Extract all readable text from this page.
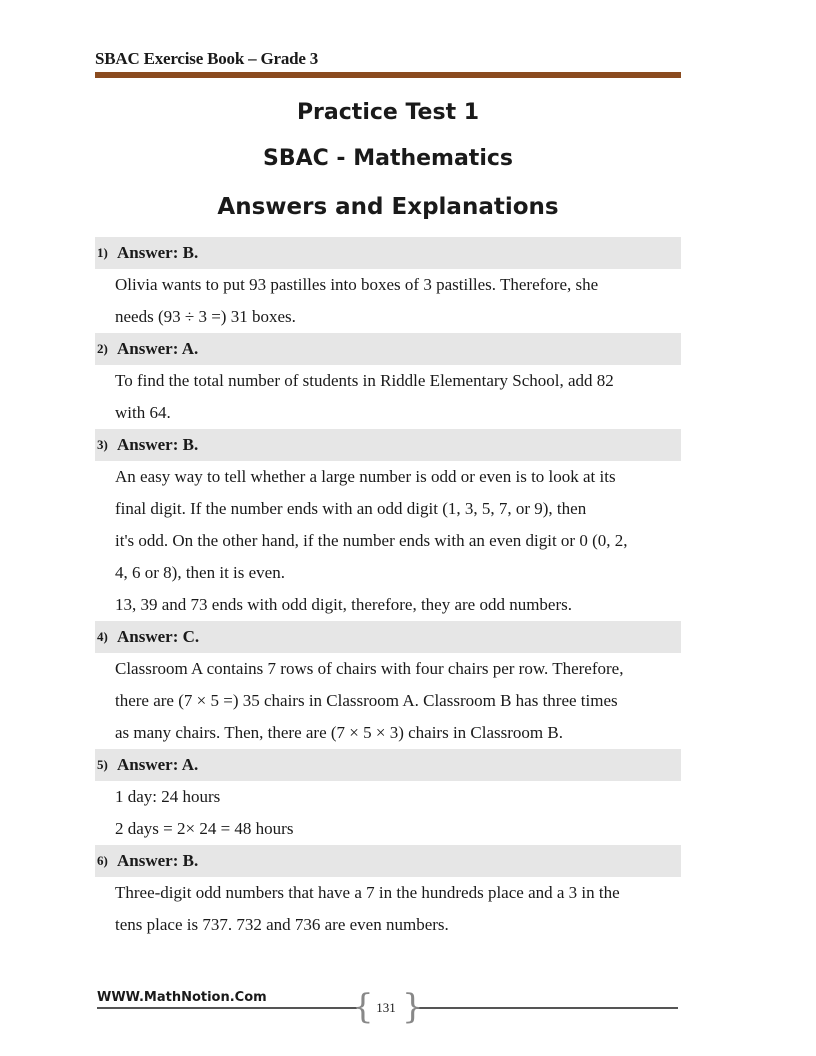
SBAC Exercise Book – Grade 3
Practice Test 1
SBAC - Mathematics
Answers and Explanations
1) Answer: B.
Olivia wants to put 93 pastilles into boxes of 3 pastilles. Therefore, she
needs (93 ÷ 3 =) 31 boxes.
2) Answer: A.
To find the total number of students in Riddle Elementary School, add 82
with 64.
3) Answer: B.
An easy way to tell whether a large number is odd or even is to look at its
final digit. If the number ends with an odd digit (1, 3, 5, 7, or 9), then
it's odd. On the other hand, if the number ends with an even digit or 0 (0, 2,
4, 6 or 8), then it is even.
13, 39 and 73 ends with odd digit, therefore, they are odd numbers.
4) Answer: C.
Classroom A contains 7 rows of chairs with four chairs per row. Therefore,
there are (7 × 5 =) 35 chairs in Classroom A. Classroom B has three times
as many chairs. Then, there are (7 × 5 × 3) chairs in Classroom B.
5) Answer: A.
1 day: 24 hours
2 days = 2× 24 = 48 hours
6) Answer: B.
Three-digit odd numbers that have a 7 in the hundreds place and a 3 in the
tens place is 737. 732 and 736 are even numbers.
WWW.MathNotion.Com	{ }
131
